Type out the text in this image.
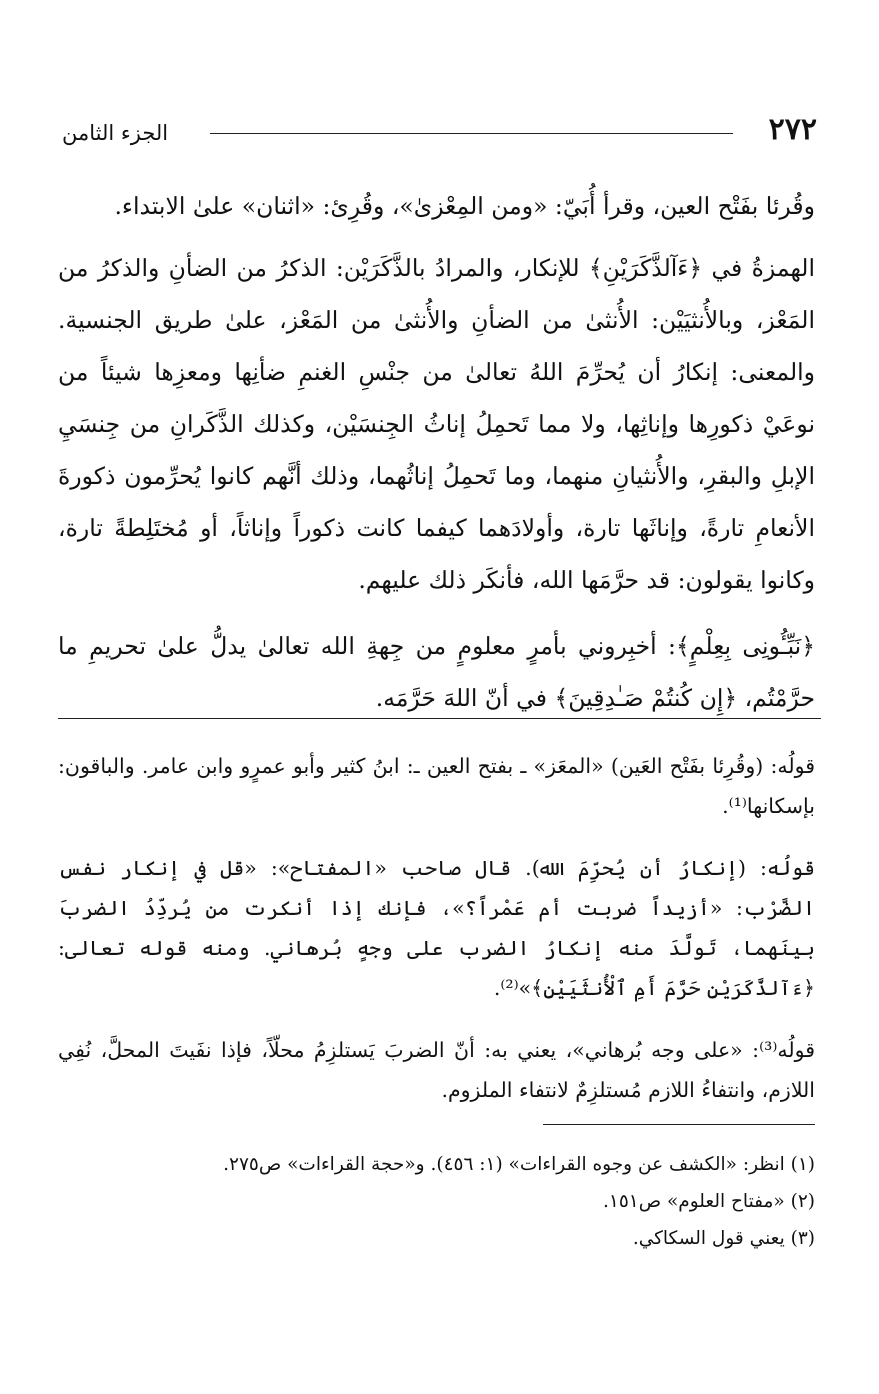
٢٧٢
الجزء الثامن

وقُرئا بفَتْح العين، وقرأ أُبَيّ: «ومن المِعْزىٰ»، وقُرِئ: «اثنان» علىٰ الابتداء.

الهمزةُ في ﴿ءَآلذَّكَرَيْنِ﴾ للإنكار، والمرادُ بالذَّكَرَيْن: الذكرُ من الضأنِ والذكرُ من المَعْز، وبالأُنثيَيْن: الأُنثىٰ من الضأنِ والأُنثىٰ من المَعْز، علىٰ طريق الجنسية. والمعنى: إنكارُ أن يُحرِّمَ اللهُ تعالىٰ من جنْسِ الغنمِ ضأنِها ومعزِها شيئاً من نوعَيْ ذكورِها وإناثِها، ولا مما تَحمِلُ إناثُ الجِنسَيْن، وكذلك الذَّكَرانِ من جِنسَيِ الإبلِ والبقرِ، والأُنثيانِ منهما، وما تَحمِلُ إناثُهما، وذلك أنَّهم كانوا يُحرِّمون ذكورةَ الأنعامِ تارةً، وإناثَها تارة، وأولادَهما كيفما كانت ذكوراً وإناثاً، أو مُختَلِطةً تارة، وكانوا يقولون: قد حرَّمَها الله، فأنكَر ذلك عليهم.

﴿نَبِّـُٔونِى بِعِلْمٍ﴾: أخبِروني بأمرٍ معلومٍ من جِهةِ الله تعالىٰ يدلُّ علىٰ تحريمِ ما حرَّمْتُم، ﴿إِن كُنتُمْ صَـٰدِقِينَ﴾ في أنّ اللهَ حَرَّمَه.

قولُه: (وقُرِئا بفَتْح العَين) «المعَز» ـ بفتح العين ـ: ابنُ كثير وأبو عمرٍو وابن عامر. والباقون: بإسكانها⁽¹⁾.

قولُه: (إنكارُ أن يُحرِّمَ الله). قال صاحب «المفتاح»: «قل في إنكار نفس الضَّرْب: «أزيداً ضربت أم عَمْراً؟»، فإنك إذا أنكرت من يُردِّدُ الضربَ بينَهما، تَولَّدَ منه إنكارُ الضرب على وجهٍ بُرهاني. ومنه قوله تعالى: ﴿ءَآلذَّكَرَيْنِ حَرَّمَ أَمِ ٱلْأُنثَيَيْنِ﴾»⁽²⁾.

قولُه⁽³⁾: «على وجه بُرهاني»، يعني به: أنّ الضربَ يَستلزِمُ محلّاً، فإذا نفَيتَ المحلَّ، نُفِي اللازم، وانتفاءُ اللازم مُستلزِمٌ لانتفاء الملزوم.

(١) انظر: «الكشف عن وجوه القراءات» (١: ٤٥٦). و«حجة القراءات» ص٢٧٥.
(٢) «مفتاح العلوم» ص١٥١.
(٣) يعني قول السكاكي.
